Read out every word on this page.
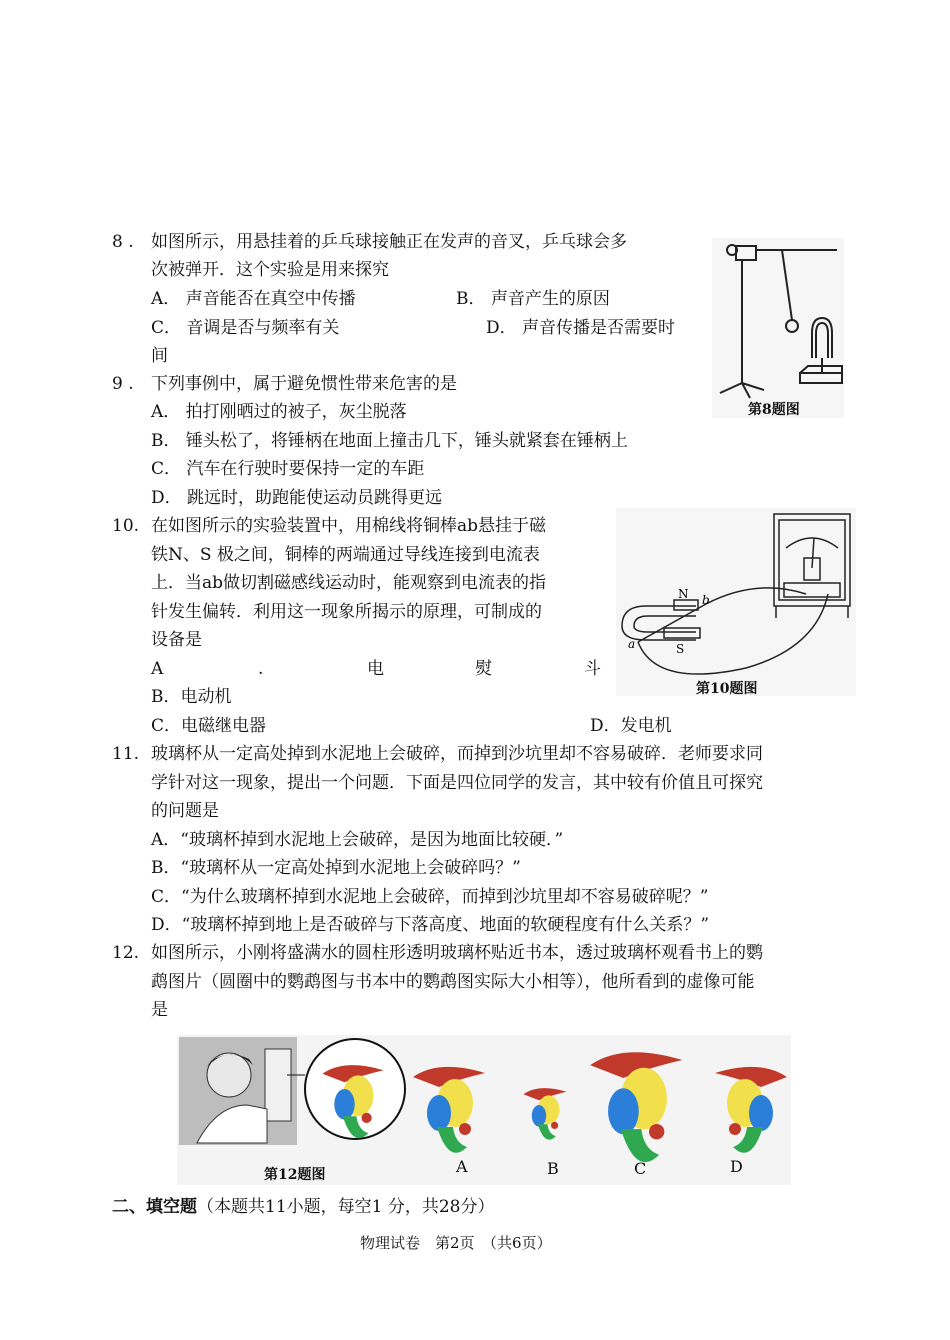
8 . 如图所示，用悬挂着的乒乓球接触正在发声的音叉，乒乓球会多
次被弹开．这个实验是用来探究
A． 声音能否在真空中传播	B． 声音产生的原因
C． 音调是否与频率有关	D． 声音传播是否需要时
间
第8题图
9 . 下列事例中，属于避免惯性带来危害的是
A． 拍打刚晒过的被子，灰尘脱落
B． 锤头松了，将锤柄在地面上撞击几下，锤头就紧套在锤柄上
C． 汽车在行驶时要保持一定的车距
D． 跳远时，助跑能使运动员跳得更远
10. 在如图所示的实验装置中，用棉线将铜棒ab悬挂于磁
铁N、S 极之间，铜棒的两端通过导线连接到电流表
上．当ab做切割磁感线运动时，能观察到电流表的指
针发生偏转．利用这一现象所揭示的原理，可制成的
设备是
A	.	电	熨	斗
B．电动机
C．电磁继电器	D．发电机
N
S
a
b
第10题图
11. 玻璃杯从一定高处掉到水泥地上会破碎，而掉到沙坑里却不容易破碎．老师要求同
学针对这一现象，提出一个问题．下面是四位同学的发言，其中较有价值且可探究
的问题是
A．“玻璃杯掉到水泥地上会破碎，是因为地面比较硬．”
B．“玻璃杯从一定高处掉到水泥地上会破碎吗？”
C．“为什么玻璃杯掉到水泥地上会破碎，而掉到沙坑里却不容易破碎呢？”
D．“玻璃杯掉到地上是否破碎与下落高度、地面的软硬程度有什么关系？”
12. 如图所示，小刚将盛满水的圆柱形透明玻璃杯贴近书本，透过玻璃杯观看书上的鹦
鹉图片（圆圈中的鹦鹉图与书本中的鹦鹉图实际大小相等），他所看到的虚像可能
是
第12题图	A	B	C	D
二、填空题（本题共11小题，每空1 分，共28分）
物理试卷　第2页　（共6页）
